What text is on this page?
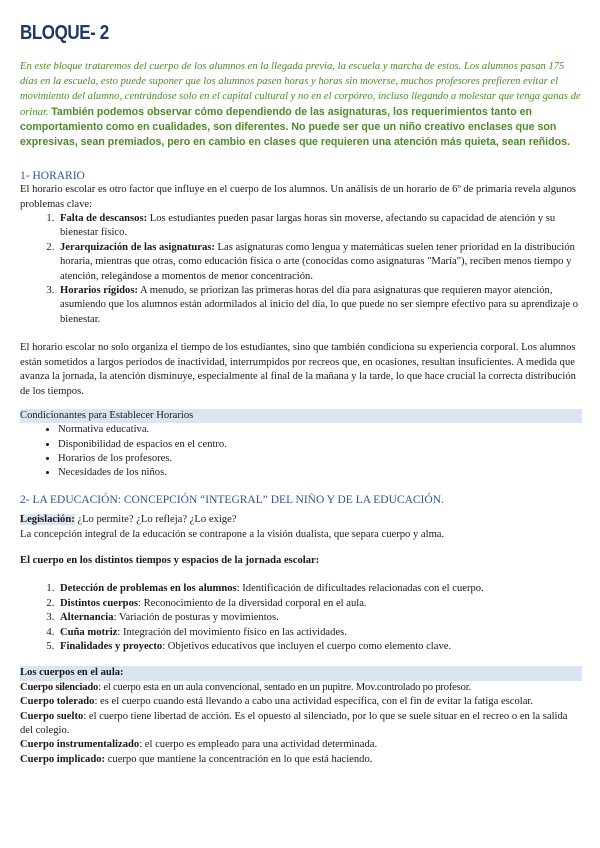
BLOQUE- 2

En este bloque trataremos del cuerpo de los alumnos en la llegada previa, la escuela y marcha de estos. Los alumnos pasan 175 días en la escuela, esto puede suponer que los alumnos pasen horas y horas sin moverse, muchos profesores prefieren evitar el movimiento del alumno, centrándose solo en el capital cultural y no en el corpóreo, incluso llegando a molestar que tenga ganas de orinar. También podemos observar cómo dependiendo de las asignaturas, los requerimientos tanto en comportamiento como en cualidades, son diferentes. No puede ser que un niño creativo enclases que son expresivas, sean premiados, pero en cambio en clases que requieren una atención más quieta, sean reñidos.

1- HORARIO

El horario escolar es otro factor que influye en el cuerpo de los alumnos. Un análisis de un horario de 6º de primaria revela algunos problemas clave:

1. Falta de descansos: Los estudiantes pueden pasar largas horas sin moverse, afectando su capacidad de atención y su bienestar físico.
2. Jerarquización de las asignaturas: Las asignaturas como lengua y matemáticas suelen tener prioridad en la distribución horaria, mientras que otras, como educación física o arte (conocidas como asignaturas "María"), reciben menos tiempo y atención, relegándose a momentos de menor concentración.
3. Horarios rígidos: A menudo, se priorizan las primeras horas del día para asignaturas que requieren mayor atención, asumiendo que los alumnos están adormilados al inicio del día, lo que puede no ser siempre efectivo para su aprendizaje o bienestar.

El horario escolar no solo organiza el tiempo de los estudiantes, sino que también condiciona su experiencia corporal. Los alumnos están sometidos a largos períodos de inactividad, interrumpidos por recreos que, en ocasiones, resultan insuficientes. A medida que avanza la jornada, la atención disminuye, especialmente al final de la mañana y la tarde, lo que hace crucial la correcta distribución de los tiempos.

Condicionantes para Establecer Horarios
• Normativa educativa.
• Disponibilidad de espacios en el centro.
• Horarios de los profesores.
• Necesidades de los niños.
2- LA EDUCACIÓN: CONCEPCIÓN “INTEGRAL” DEL NIÑO Y DE LA EDUCACIÓN.

Legislación: ¿Lo permite? ¿Lo refleja? ¿Lo exige?

La concepción integral de la educación se contrapone a la visión dualista, que separa cuerpo y alma.

El cuerpo en los distintos tiempos y espacios de la jornada escolar:

1. Detección de problemas en los alumnos: Identificación de dificultades relacionadas con el cuerpo.
2. Distintos cuerpos: Reconocimiento de la diversidad corporal en el aula.
3. Alternancia: Variación de posturas y movimientos.
4. Cuña motriz: Integración del movimiento físico en las actividades.
5. Finalidades y proyecto: Objetivos educativos que incluyen el cuerpo como elemento clave.
Los cuerpos en el aula:

Cuerpo silenciado: el cuerpo esta en un aula convencional, sentado en un pupitre. Mov.controlado po profesor.

Cuerpo tolerado: es el cuerpo cuando está llevando a cabo una actividad específica, con el fin de evitar la fatiga escolar.

Cuerpo suelto: el cuerpo tiene libertad de acción. Es el opuesto al silenciado, por lo que se suele situar en el recreo o en la salida del colegio.

Cuerpo instrumentalizado: el cuerpo es empleado para una actividad determinada.

Cuerpo implicado: cuerpo que mantiene la concentración en lo que está haciendo.
